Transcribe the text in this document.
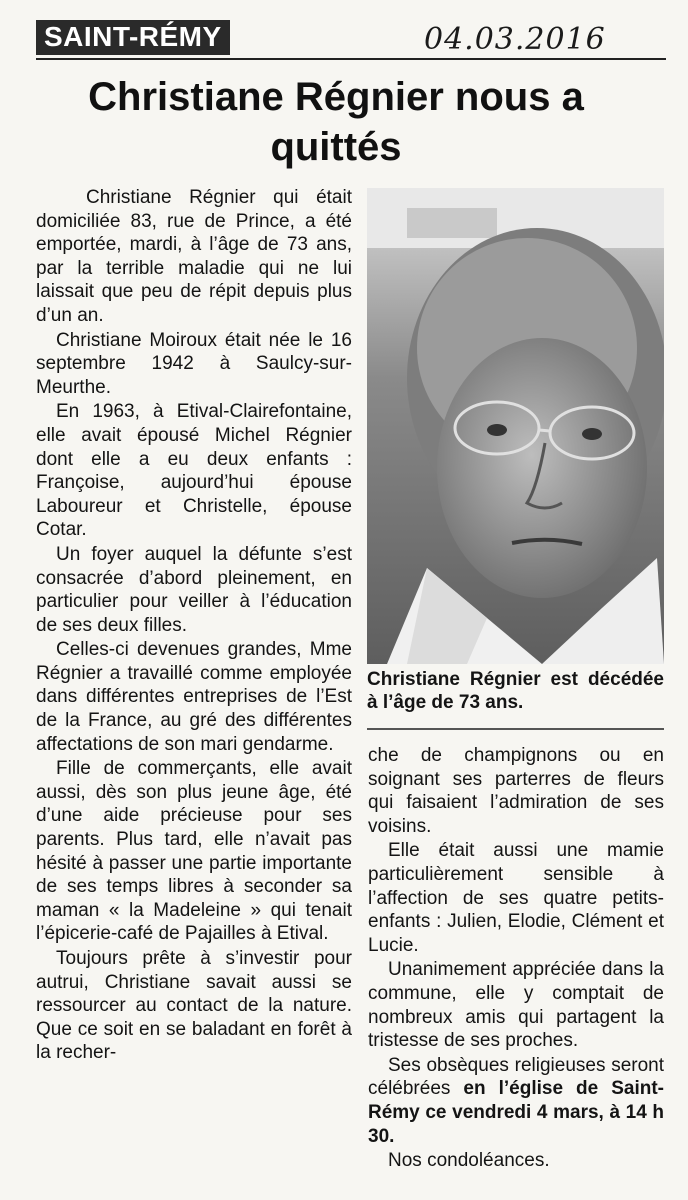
SAINT-RÉMY	04.03.2016
Christiane Régnier nous a quittés

Christiane Régnier qui était domiciliée 83, rue de Prince, a été emportée, mardi, à l’âge de 73 ans, par la terrible maladie qui ne lui laissait que peu de répit depuis plus d’un an.

Christiane Moiroux était née le 16 septembre 1942 à Saulcy-sur-Meurthe.

En 1963, à Etival-Clairefontaine, elle avait épousé Michel Régnier dont elle a eu deux enfants : Françoise, aujourd’hui épouse Laboureur et Christelle, épouse Cotar.

Un foyer auquel la défunte s’est consacrée d’abord pleinement, en particulier pour veiller à l’éducation de ses deux filles.

Celles-ci devenues grandes, Mme Régnier a travaillé comme employée dans différentes entreprises de l’Est de la France, au gré des différentes affectations de son mari gendarme.

Fille de commerçants, elle avait aussi, dès son plus jeune âge, été d’une aide précieuse pour ses parents. Plus tard, elle n’avait pas hésité à passer une partie importante de ses temps libres à seconder sa maman « la Madeleine » qui tenait l’épicerie-café de Pajailles à Etival.

Toujours prête à s’investir pour autrui, Christiane savait aussi se ressourcer au contact de la nature. Que ce soit en se baladant en forêt à la recher-

Christiane Régnier est décédée à l’âge de 73 ans.

che de champignons ou en soignant ses parterres de fleurs qui faisaient l’admiration de ses voisins.

Elle était aussi une mamie particulièrement sensible à l’affection de ses quatre petits-enfants : Julien, Elodie, Clément et Lucie.

Unanimement appréciée dans la commune, elle y comptait de nombreux amis qui partagent la tristesse de ses proches.

Ses obsèques religieuses seront célébrées en l’église de Saint-Rémy ce vendredi 4 mars, à 14 h 30.

Nos condoléances.
